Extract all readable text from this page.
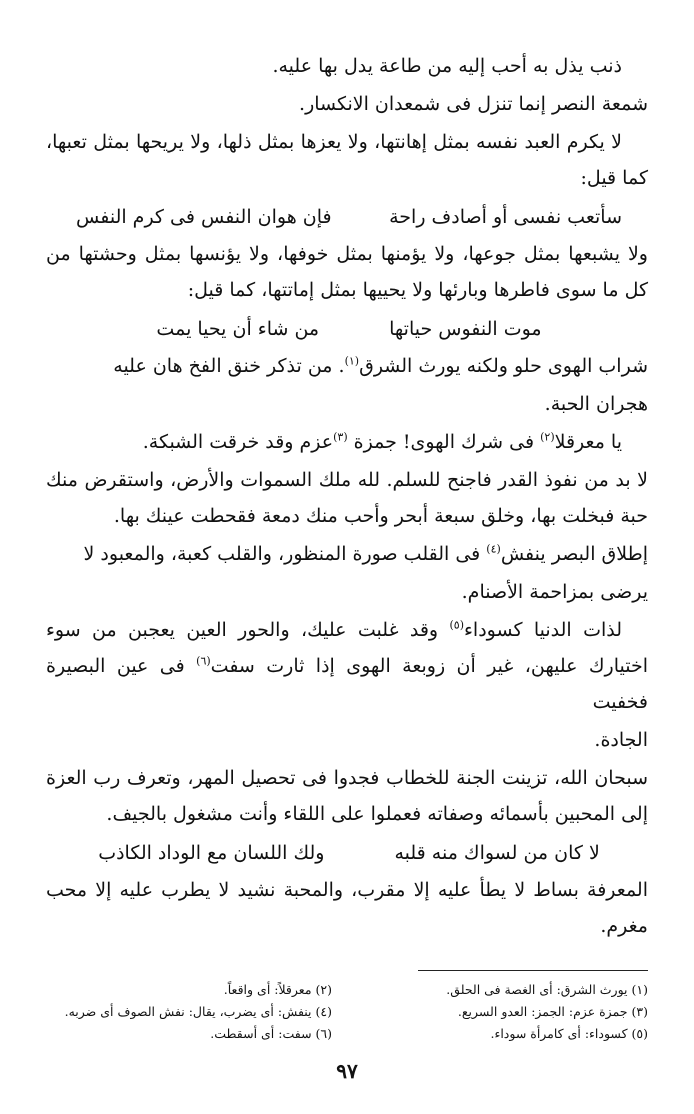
ذنب يذل به أحب إليه من طاعة يدل بها عليه.

شمعة النصر إنما تنزل فى شمعدان الانكسار.

لا يكرم العبد نفسه بمثل إهانتها، ولا يعزها بمثل ذلها، ولا يريحها بمثل تعبها، كما قيل:

سأتعب نفسى أو أصادف راحة
فإن هوان النفس فى كرم النفس

ولا يشبعها بمثل جوعها، ولا يؤمنها بمثل خوفها، ولا يؤنسها بمثل وحشتها من كل ما سوى فاطرها وبارئها ولا يحييها بمثل إماتتها، كما قيل:

موت النفوس حياتها
من شاء أن يحيا يمت

شراب الهوى حلو ولكنه يورث الشرق$^{(١)}$. من تذكر خنق الفخ هان عليه

هجران الحبة.

يا معرقلا$^{(٢)}$ فى شرك الهوى! جمزة $^{(٣)}$عزم وقد خرقت الشبكة.

لا بد من نفوذ القدر فاجنح للسلم. لله ملك السموات والأرض، واستقرض منك حبة فبخلت بها، وخلق سبعة أبحر وأحب منك دمعة فقحطت عينك بها.

إطلاق البصر ينفش$^{(٤)}$ فى القلب صورة المنظور، والقلب كعبة، والمعبود لا

يرضى بمزاحمة الأصنام.

لذات الدنيا كسوداء$^{(٥)}$ وقد غلبت عليك، والحور العين يعجبن من سوء اختيارك عليهن، غير أن زوبعة الهوى إذا ثارت سفت$^{(٦)}$ فى عين البصيرة فخفيت

الجادة.

سبحان الله، تزينت الجنة للخطاب فجدوا فى تحصيل المهر، وتعرف رب العزة إلى المحبين بأسمائه وصفاته فعملوا على اللقاء وأنت مشغول بالجيف.

لا كان من لسواك منه قلبه
ولك اللسان مع الوداد الكاذب

المعرفة بساط لا يطأ عليه إلا مقرب، والمحبة نشيد لا يطرب عليه إلا محب مغرم.

(١) يورث الشرق: أى الغصة فى الحلق.
(٢) معرقلاً: أى واقعاً.
(٣) جمزة عزم: الجمز: العدو السريع.
(٤) ينفش: أى يضرب، يقال: نفش الصوف أى ضربه.
(٥) كسوداء: أى كامرأة سوداء.
(٦) سفت: أى أسقطت.
٩٧
